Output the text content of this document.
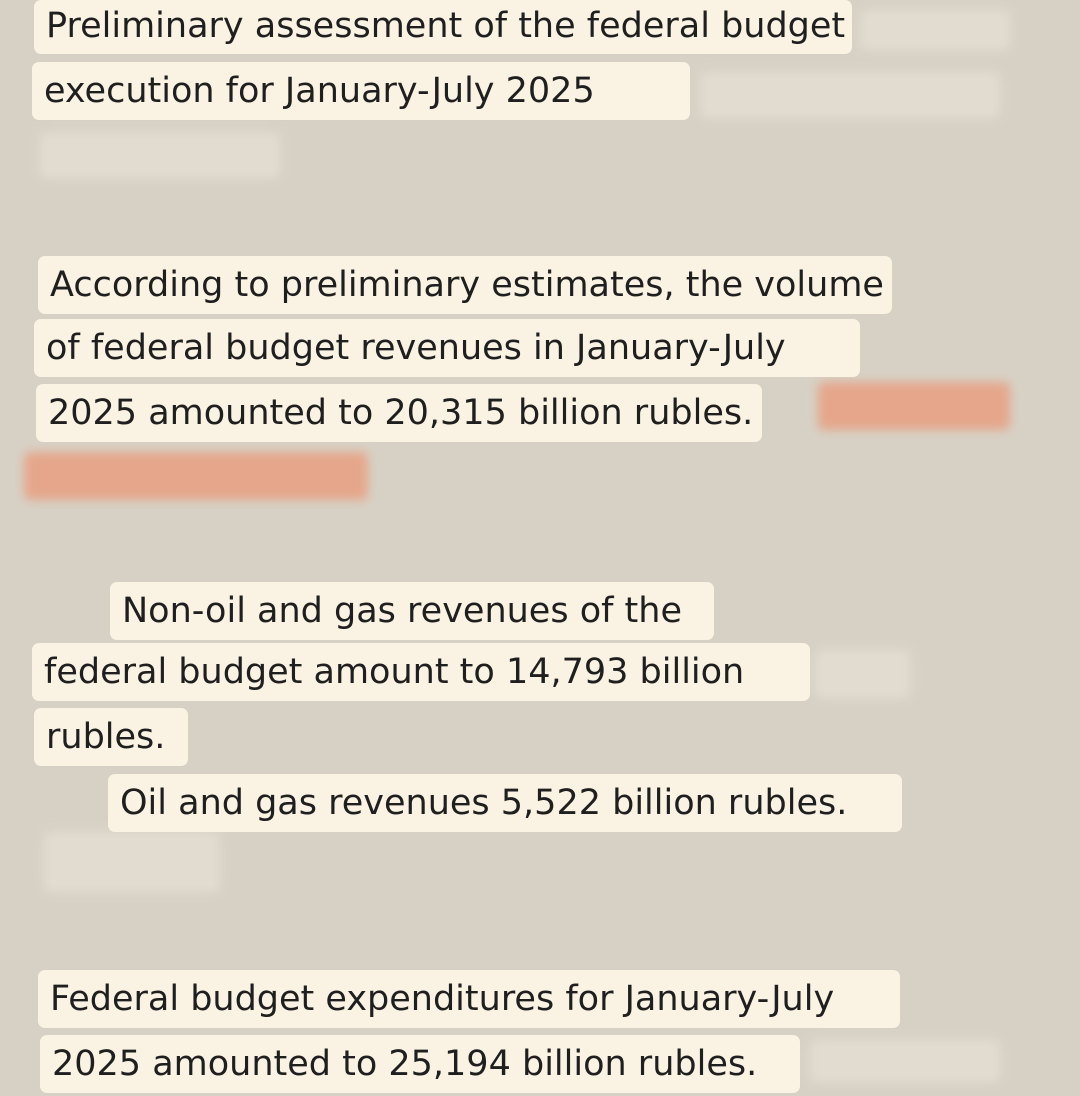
Preliminary assessment of the federal budget
execution for January-July 2025
According to preliminary estimates, the volume
of federal budget revenues in January-July
2025 amounted to 20,315 billion rubles.
Non-oil and gas revenues of the
federal budget amount to 14,793 billion
rubles.
Oil and gas revenues 5,522 billion rubles.
Federal budget expenditures for January-July
2025 amounted to 25,194 billion rubles.
